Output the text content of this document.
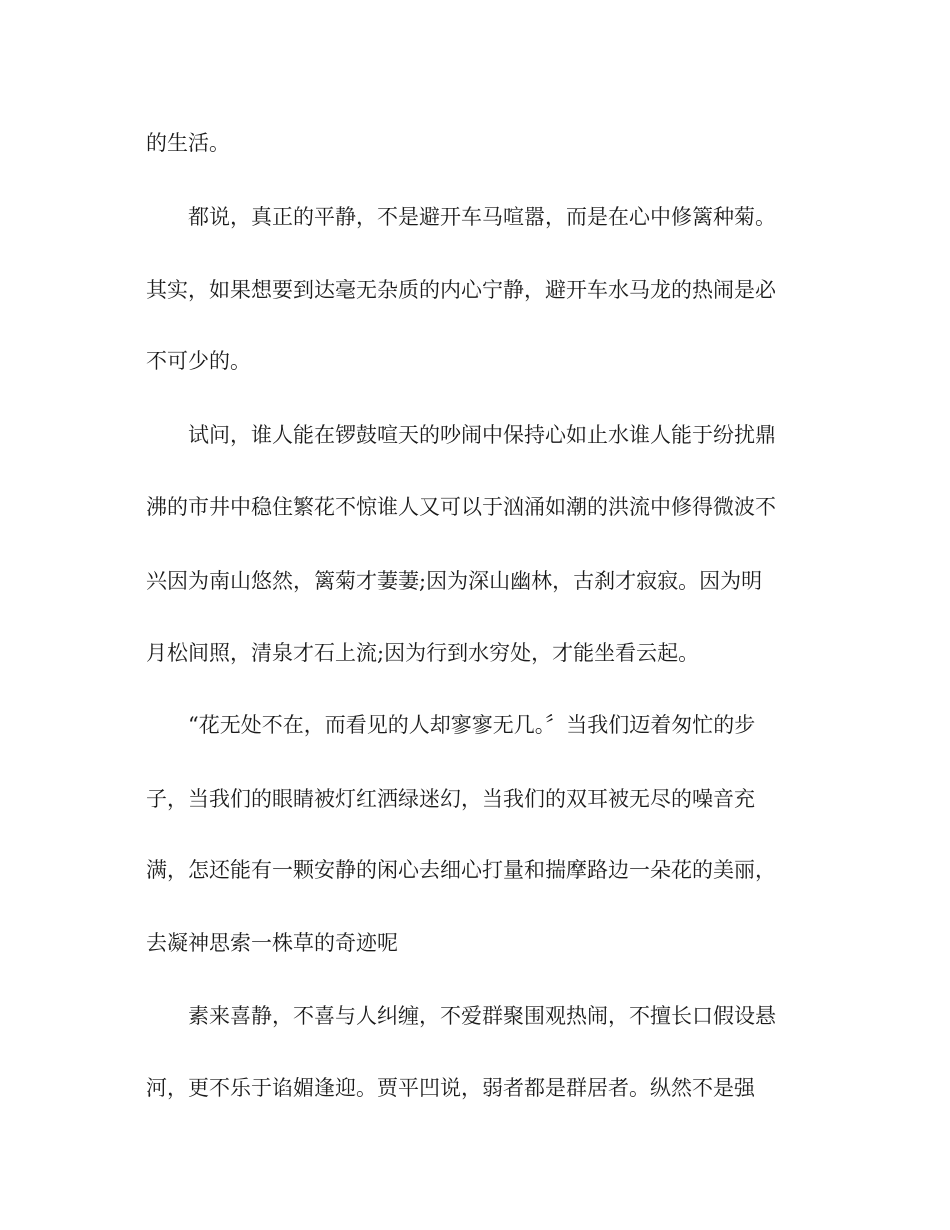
的生活。
都说，真正的平静，不是避开车马喧嚣，而是在心中修篱种菊。
其实，如果想要到达毫无杂质的内心宁静，避开车水马龙的热闹是必
不可少的。
试问，谁人能在锣鼓喧天的吵闹中保持心如止水谁人能于纷扰鼎
沸的市井中稳住繁花不惊谁人又可以于汹涌如潮的洪流中修得微波不
兴因为南山悠然，篱菊才萋萋;因为深山幽林，古刹才寂寂。因为明
月松间照，清泉才石上流;因为行到水穷处，才能坐看云起。
“花无处不在，而看见的人却寥寥无几。〞当我们迈着匆忙的步
子，当我们的眼睛被灯红洒绿迷幻，当我们的双耳被无尽的噪音充
满，怎还能有一颗安静的闲心去细心打量和揣摩路边一朵花的美丽，
去凝神思索一株草的奇迹呢
素来喜静，不喜与人纠缠，不爱群聚围观热闹，不擅长口假设悬
河，更不乐于谄媚逢迎。贾平凹说，弱者都是群居者。纵然不是强
